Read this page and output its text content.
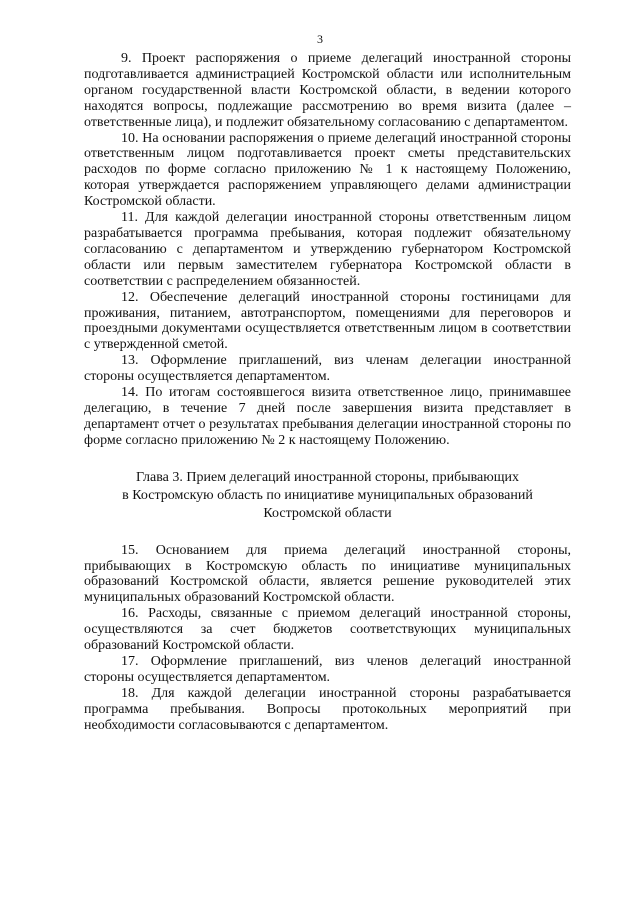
3

9. Проект распоряжения о приеме делегаций иностранной стороны подготавливается администрацией Костромской области или исполнительным органом государственной власти Костромской области, в ведении которого находятся вопросы, подлежащие рассмотрению во время визита (далее – ответственные лица), и подлежит обязательному согласованию с департаментом.

10. На основании распоряжения о приеме делегаций иностранной стороны ответственным лицом подготавливается проект сметы представительских расходов по форме согласно приложению № 1 к настоящему Положению, которая утверждается распоряжением управляющего делами администрации Костромской области.

11. Для каждой делегации иностранной стороны ответственным лицом разрабатывается программа пребывания, которая подлежит обязательному согласованию с департаментом и утверждению губернатором Костромской области или первым заместителем губернатора Костромской области в соответствии с распределением обязанностей.

12. Обеспечение делегаций иностранной стороны гостиницами для проживания, питанием, автотранспортом, помещениями для переговоров и проездными документами осуществляется ответственным лицом в соответствии с утвержденной сметой.

13. Оформление приглашений, виз членам делегации иностранной стороны осуществляется департаментом.

14. По итогам состоявшегося визита ответственное лицо, принимавшее делегацию, в течение 7 дней после завершения визита представляет в департамент отчет о результатах пребывания делегации иностранной стороны по форме согласно приложению № 2 к настоящему Положению.

Глава 3. Прием делегаций иностранной стороны, прибывающих
в Костромскую область по инициативе муниципальных образований
Костромской области

15. Основанием для приема делегаций иностранной стороны, прибывающих в Костромскую область по инициативе муниципальных образований Костромской области, является решение руководителей этих муниципальных образований Костромской области.

16. Расходы, связанные с приемом делегаций иностранной стороны, осуществляются за счет бюджетов соответствующих муниципальных образований Костромской области.

17. Оформление приглашений, виз членов делегаций иностранной стороны осуществляется департаментом.

18. Для каждой делегации иностранной стороны разрабатывается программа пребывания. Вопросы протокольных мероприятий при необходимости согласовываются с департаментом.
